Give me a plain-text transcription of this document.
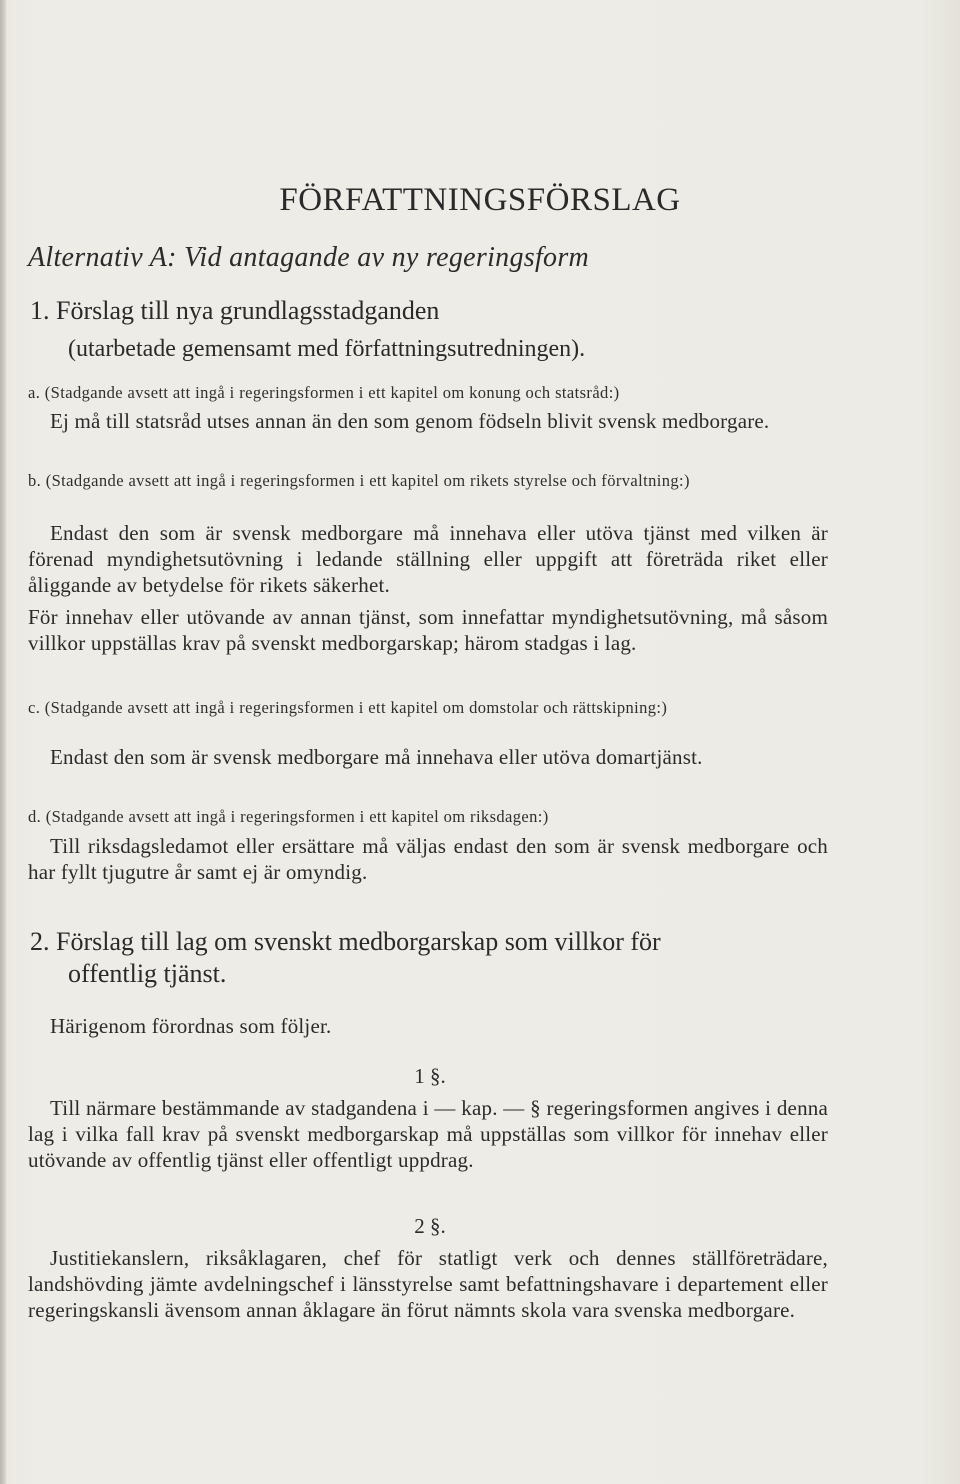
FÖRFATTNINGSFÖRSLAG
Alternativ A: Vid antagande av ny regeringsform
1. Förslag till nya grundlagsstadganden
(utarbetade gemensamt med författningsutredningen).
a. (Stadgande avsett att ingå i regeringsformen i ett kapitel om konung och statsråd:)
Ej må till statsråd utses annan än den som genom födseln blivit svensk medborgare.
b. (Stadgande avsett att ingå i regeringsformen i ett kapitel om rikets styrelse och förvaltning:)
Endast den som är svensk medborgare må innehava eller utöva tjänst med vilken är förenad myndighetsutövning i ledande ställning eller uppgift att företräda riket eller åliggande av betydelse för rikets säkerhet.
För innehav eller utövande av annan tjänst, som innefattar myndighetsutövning, må såsom villkor uppställas krav på svenskt medborgarskap; härom stadgas i lag.
c. (Stadgande avsett att ingå i regeringsformen i ett kapitel om domstolar och rättskipning:)
Endast den som är svensk medborgare må innehava eller utöva domartjänst.
d. (Stadgande avsett att ingå i regeringsformen i ett kapitel om riksdagen:)
Till riksdagsledamot eller ersättare må väljas endast den som är svensk medborgare och har fyllt tjugutre år samt ej är omyndig.
2. Förslag till lag om svenskt medborgarskap som villkor för
offentlig tjänst.
Härigenom förordnas som följer.
1 §.
Till närmare bestämmande av stadgandena i — kap. — § regeringsformen angives i denna lag i vilka fall krav på svenskt medborgarskap må uppställas som villkor för innehav eller utövande av offentlig tjänst eller offentligt uppdrag.
2 §.
Justitiekanslern, riksåklagaren, chef för statligt verk och dennes ställföreträdare, landshövding jämte avdelningschef i länsstyrelse samt befattningshavare i departement eller regeringskansli ävensom annan åklagare än förut nämnts skola vara svenska medborgare.
